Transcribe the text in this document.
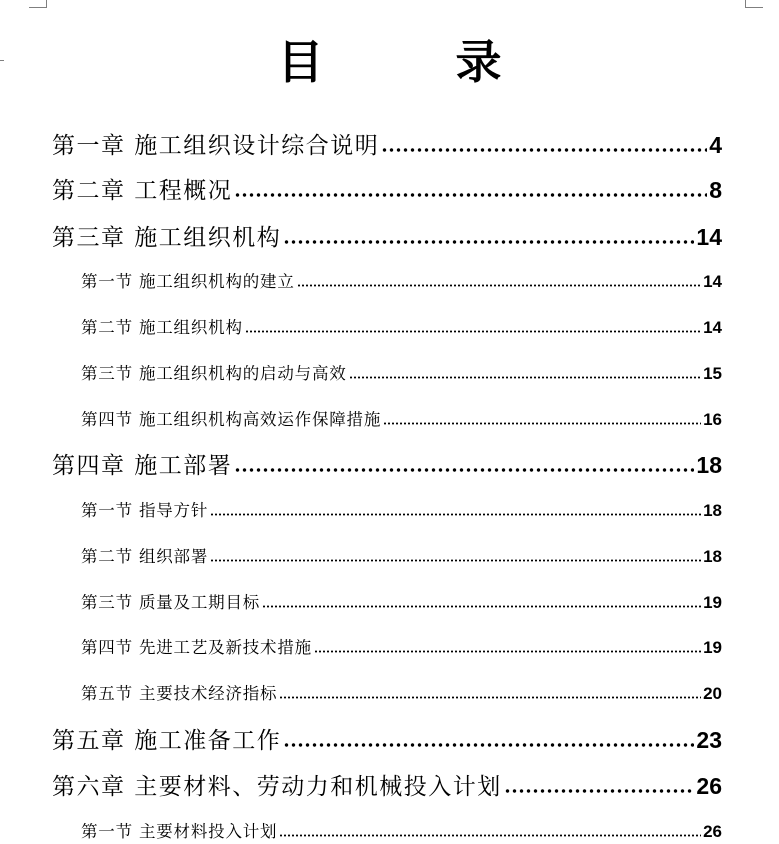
目 录
第一章 施工组织设计综合说明	4
第二章 工程概况	8
第三章 施工组织机构	14
第一节 施工组织机构的建立	14
第二节 施工组织机构	14
第三节 施工组织机构的启动与高效	15
第四节 施工组织机构高效运作保障措施	16
第四章 施工部署	18
第一节 指导方针	18
第二节 组织部署	18
第三节 质量及工期目标	19
第四节 先进工艺及新技术措施	19
第五节 主要技术经济指标	20
第五章 施工准备工作	23
第六章 主要材料、劳动力和机械投入计划	26
第一节 主要材料投入计划	26
